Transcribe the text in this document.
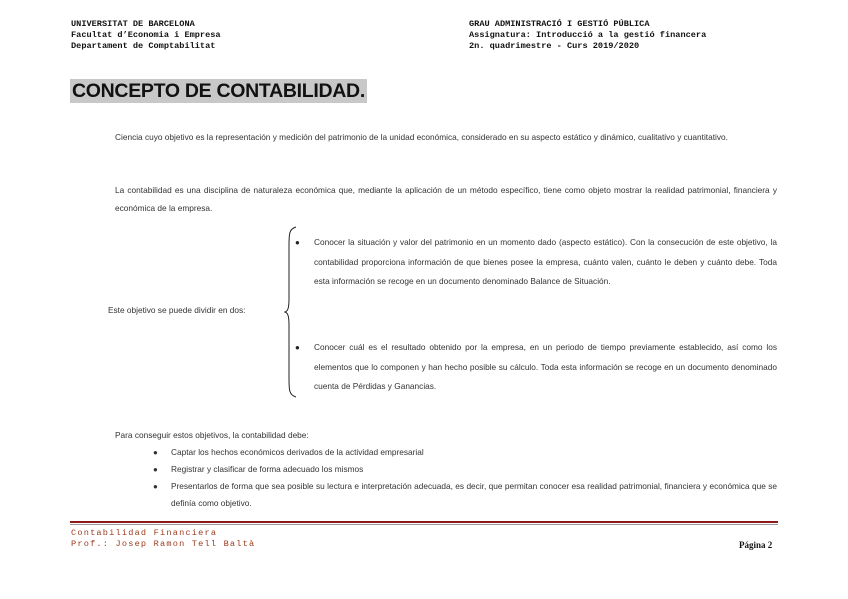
UNIVERSITAT DE BARCELONA
Facultat d’Economia i Empresa
Departament de Comptabilitat
GRAU ADMINISTRACIÓ I GESTIÓ PÚBLICA
Assignatura: Introducció a la gestió financera
2n. quadrimestre - Curs 2019/2020
CONCEPTO DE CONTABILIDAD.
Ciencia cuyo objetivo es la representación y medición del patrimonio de la unidad económica, considerado en su aspecto estático y dinámico, cualitativo y cuantitativo.
La contabilidad es una disciplina de naturaleza económica que, mediante la aplicación de un método específico, tiene como objeto mostrar la realidad patrimonial, financiera y económica de la empresa.
Este objetivo se puede dividir en dos:
● Conocer la situación y valor del patrimonio en un momento dado (aspecto estático). Con la consecución de este objetivo, la contabilidad proporciona información de que bienes posee la empresa, cuánto valen, cuánto le deben y cuánto debe. Toda esta información se recoge en un documento denominado Balance de Situación.
● Conocer cuál es el resultado obtenido por la empresa, en un periodo de tiempo previamente establecido, así como los elementos que lo componen y han hecho posible su cálculo. Toda esta información se recoge en un documento denominado cuenta de Pérdidas y Ganancias.
Para conseguir estos objetivos, la contabilidad debe:
● Captar los hechos económicos derivados de la actividad empresarial
● Registrar y clasificar de forma adecuado los mismos
● Presentarlos de forma que sea posible su lectura e interpretación adecuada, es decir, que permitan conocer esa realidad patrimonial, financiera y económica que se definía como objetivo.
Contabilidad Financiera
Prof.: Josep Ramon Tell Baltà	Página 2
